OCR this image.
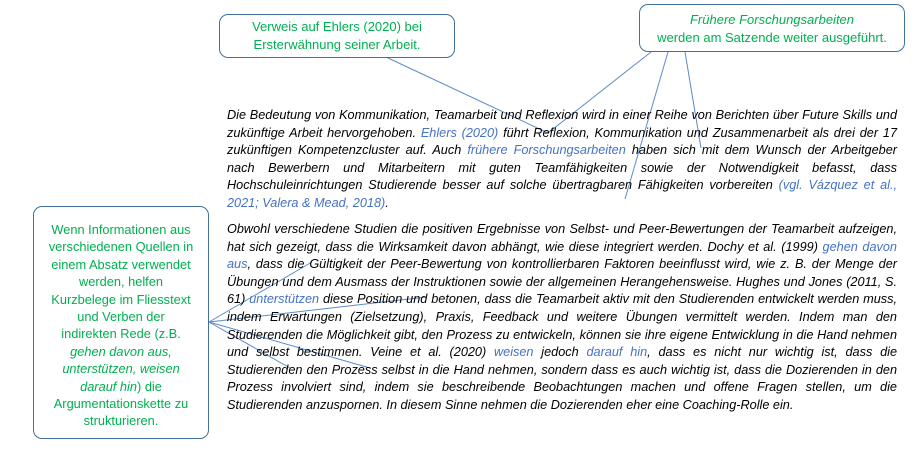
Verweis auf Ehlers (2020) bei
Ersterwähnung seiner Arbeit.
Frühere Forschungsarbeiten
werden am Satzende weiter ausgeführt.
Wenn Informationen aus
verschiedenen Quellen in
einem Absatz verwendet
werden, helfen
Kurzbelege im Fliesstext
und Verben der
indirekten Rede (z.B.
gehen davon aus,
unterstützen, weisen
darauf hin) die
Argumentationskette zu
strukturieren.

Die Bedeutung von Kommunikation, Teamarbeit und Reflexion wird in einer Reihe von Berichten über Future Skills und zukünftige Arbeit hervorgehoben. Ehlers (2020) führt Reflexion, Kommunikation und Zusammenarbeit als drei der 17 zukünftigen Kompetenzcluster auf. Auch frühere Forschungsarbeiten haben sich mit dem Wunsch der Arbeitgeber nach Bewerbern und Mitarbeitern mit guten Teamfähigkeiten sowie der Notwendigkeit befasst, dass Hochschuleinrichtungen Studierende besser auf solche übertragbaren Fähigkeiten vorbereiten (vgl. Vázquez et al., 2021; Valera & Mead, 2018).

Obwohl verschiedene Studien die positiven Ergebnisse von Selbst- und Peer-Bewertungen der Teamarbeit aufzeigen, hat sich gezeigt, dass die Wirksamkeit davon abhängt, wie diese integriert werden. Dochy et al. (1999) gehen davon aus, dass die Gültigkeit der Peer-Bewertung von kontrollierbaren Faktoren beeinflusst wird, wie z. B. der Menge der Übungen und dem Ausmass der Instruktionen sowie der allgemeinen Herangehensweise. Hughes und Jones (2011, S. 61) unterstützen diese Position und betonen, dass die Teamarbeit aktiv mit den Studierenden entwickelt werden muss, indem Erwartungen (Zielsetzung), Praxis, Feedback und weitere Übungen vermittelt werden. Indem man den Studierenden die Möglichkeit gibt, den Prozess zu entwickeln, können sie ihre eigene Entwicklung in die Hand nehmen und selbst bestimmen. Veine et al. (2020) weisen jedoch darauf hin, dass es nicht nur wichtig ist, dass die Studierenden den Prozess selbst in die Hand nehmen, sondern dass es auch wichtig ist, dass die Dozierenden in den Prozess involviert sind, indem sie beschreibende Beobachtungen machen und offene Fragen stellen, um die Studierenden anzuspornen. In diesem Sinne nehmen die Dozierenden eher eine Coaching-Rolle ein.
